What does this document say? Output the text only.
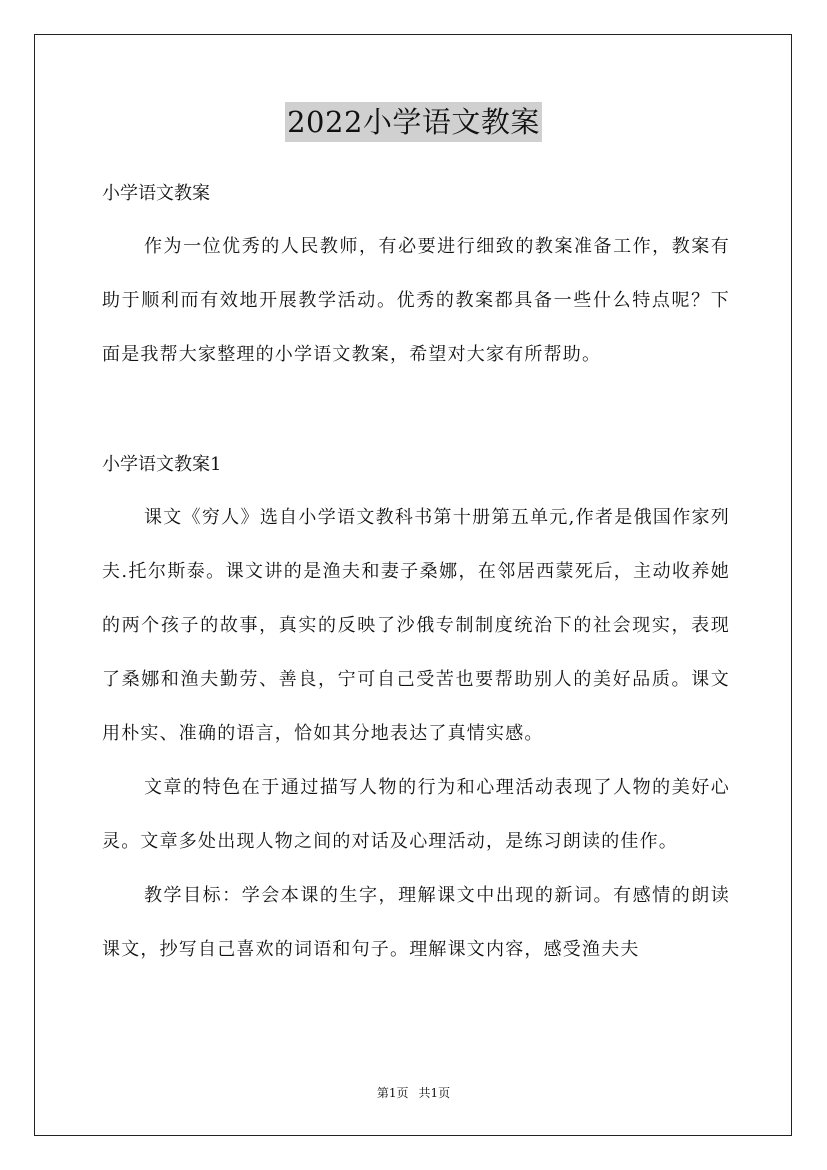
2022小学语文教案
小学语文教案

作为一位优秀的人民教师，有必要进行细致的教案准备工作，教案有助于顺利而有效地开展教学活动。优秀的教案都具备一些什么特点呢？下面是我帮大家整理的小学语文教案，希望对大家有所帮助。

小学语文教案1

课文《穷人》选自小学语文教科书第十册第五单元,作者是俄国作家列夫.托尔斯泰。课文讲的是渔夫和妻子桑娜，在邻居西蒙死后，主动收养她的两个孩子的故事，真实的反映了沙俄专制制度统治下的社会现实，表现了桑娜和渔夫勤劳、善良，宁可自己受苦也要帮助别人的美好品质。课文用朴实、准确的语言，恰如其分地表达了真情实感。

文章的特色在于通过描写人物的行为和心理活动表现了人物的美好心灵。文章多处出现人物之间的对话及心理活动，是练习朗读的佳作。

教学目标：学会本课的生字，理解课文中出现的新词。有感情的朗读课文，抄写自己喜欢的词语和句子。理解课文内容，感受渔夫夫

第1页 共1页
